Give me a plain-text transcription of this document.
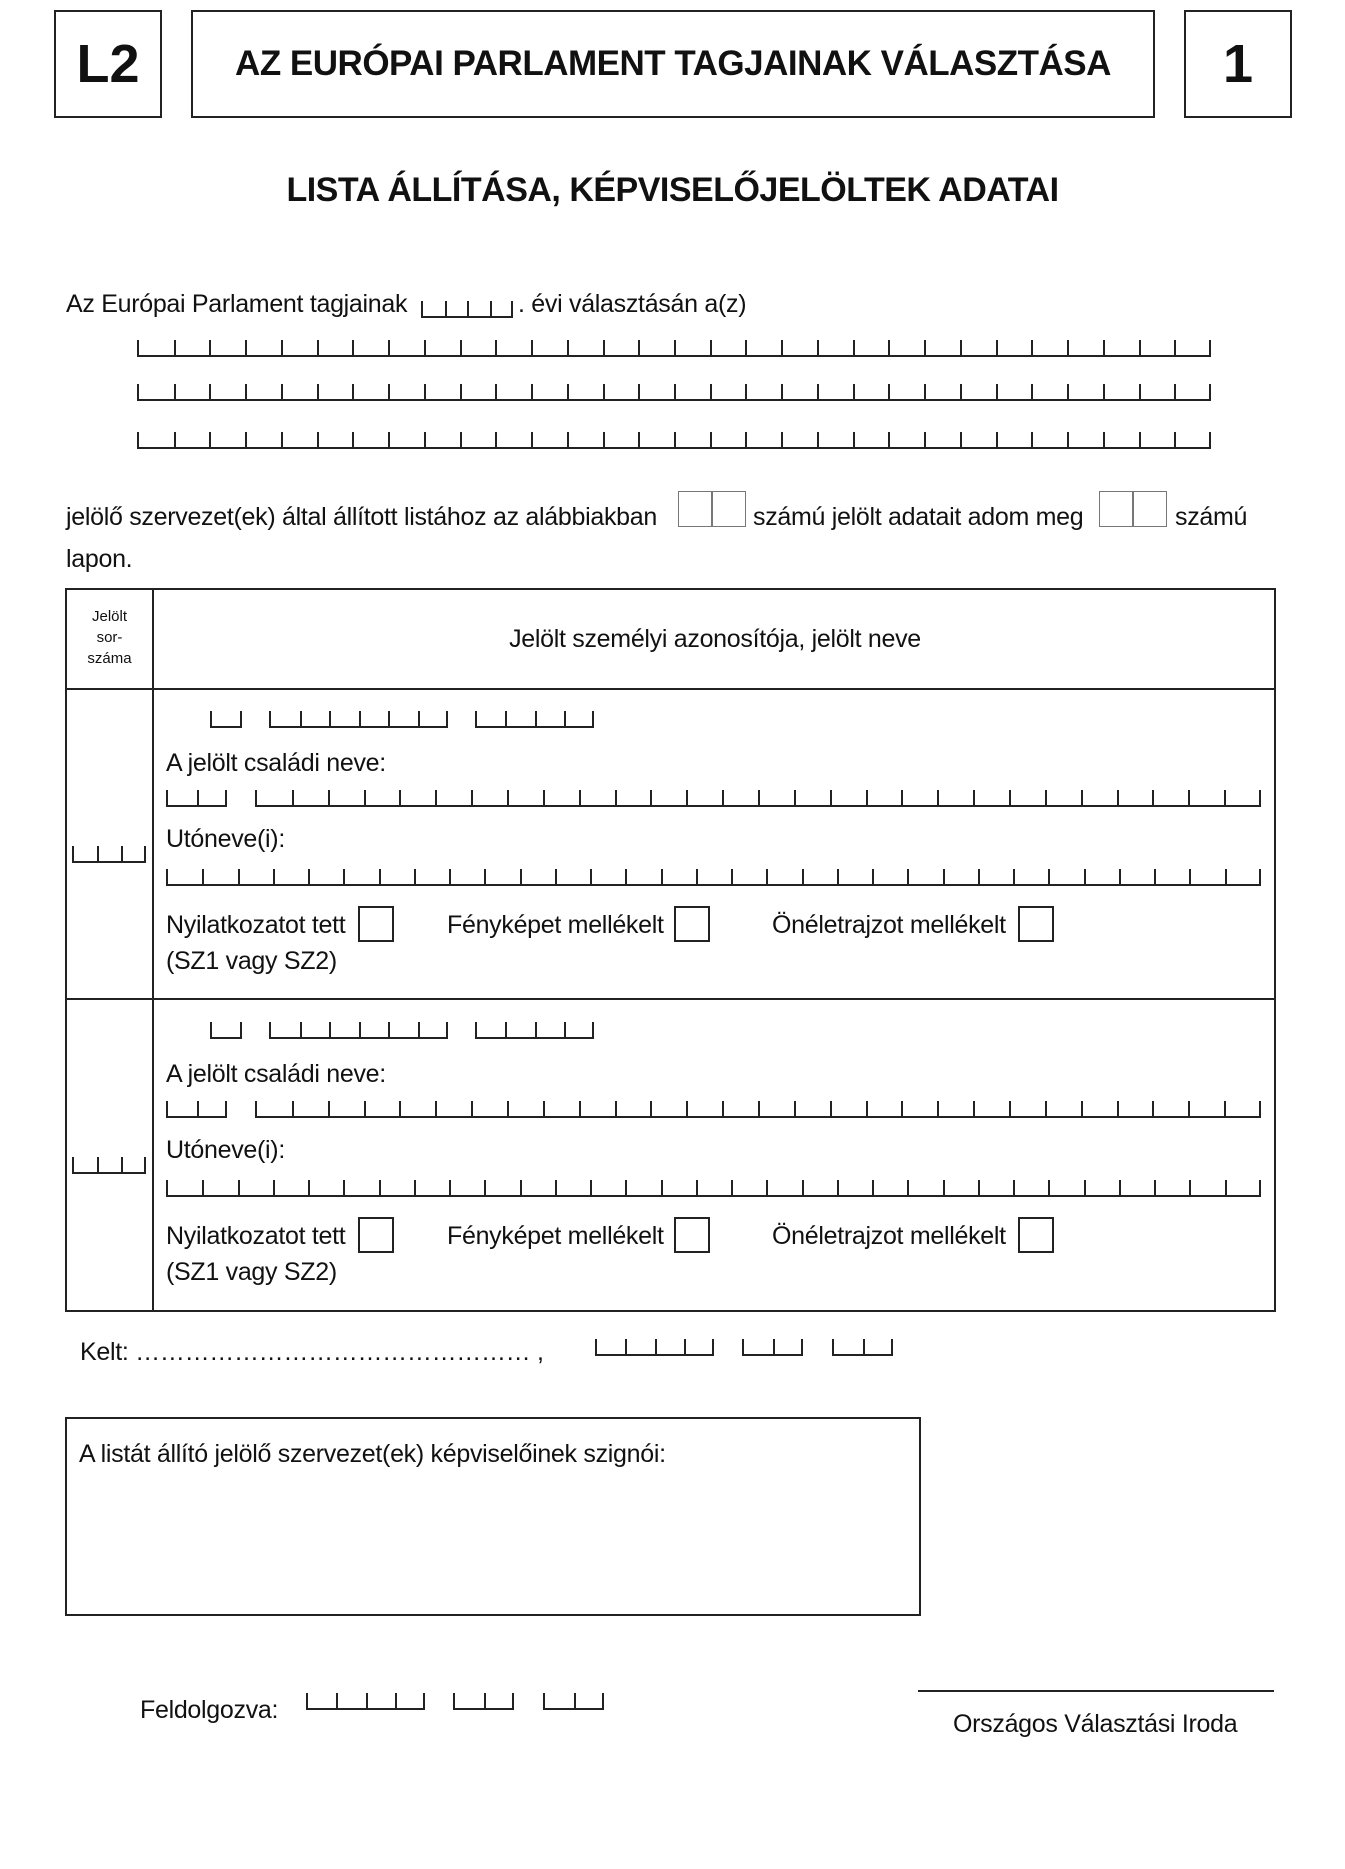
L2	AZ EURÓPAI PARLAMENT TAGJAINAK VÁLASZTÁSA 1
LISTA ÁLLÍTÁSA, KÉPVISELŐJELÖLTEK ADATAI
Az Európai Parlament tagjainak	. évi választásán a(z)
jelölő szervezet(ek) által állított listához az alábbiakban	számú jelölt adatait adom meg	számú
lapon.
Jelölt
sor-
száma
Jelölt személyi azonosítója, jelölt neve
A jelölt családi neve:
Utóneve(i):
Nyilatkozatot tett
(SZ1 vagy SZ2)
Fényképet mellékelt	Önéletrajzot mellékelt
A jelölt családi neve:
Utóneve(i):
Nyilatkozatot tett
(SZ1 vagy SZ2)
Fényképet mellékelt	Önéletrajzot mellékelt
Kelt: ………………………………………… ,
A listát állító jelölő szervezet(ek) képviselőinek szignói:
Feldolgozva:	Országos Választási Iroda
